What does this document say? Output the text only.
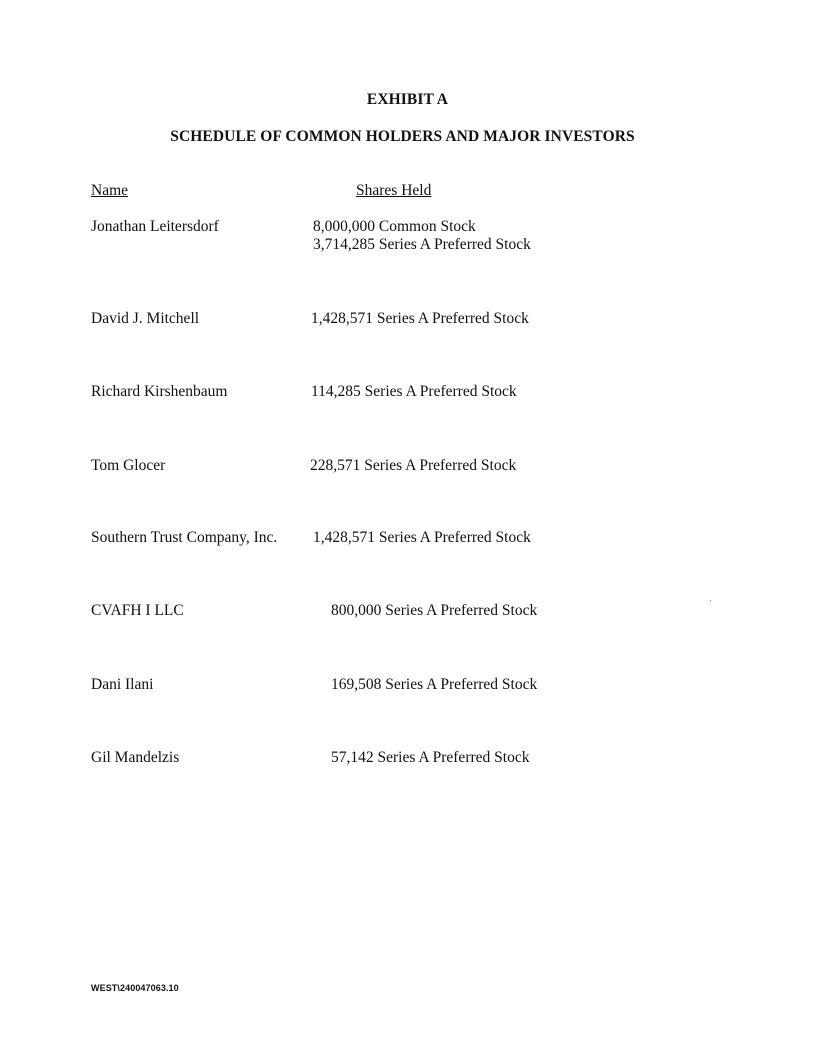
EXHIBIT A
SCHEDULE OF COMMON HOLDERS AND MAJOR INVESTORS
Name	Shares Held
Jonathan Leitersdorf	8,000,000 Common Stock
3,714,285 Series A Preferred Stock
David J. Mitchell	1,428,571 Series A Preferred Stock
Richard Kirshenbaum	114,285 Series A Preferred Stock
Tom Glocer	228,571 Series A Preferred Stock
Southern Trust Company, Inc. 1,428,571 Series A Preferred Stock
CVAFH I LLC	800,000 Series A Preferred Stock
Dani Ilani	169,508 Series A Preferred Stock
Gil Mandelzis	57,142 Series A Preferred Stock
WEST\240047063.10
